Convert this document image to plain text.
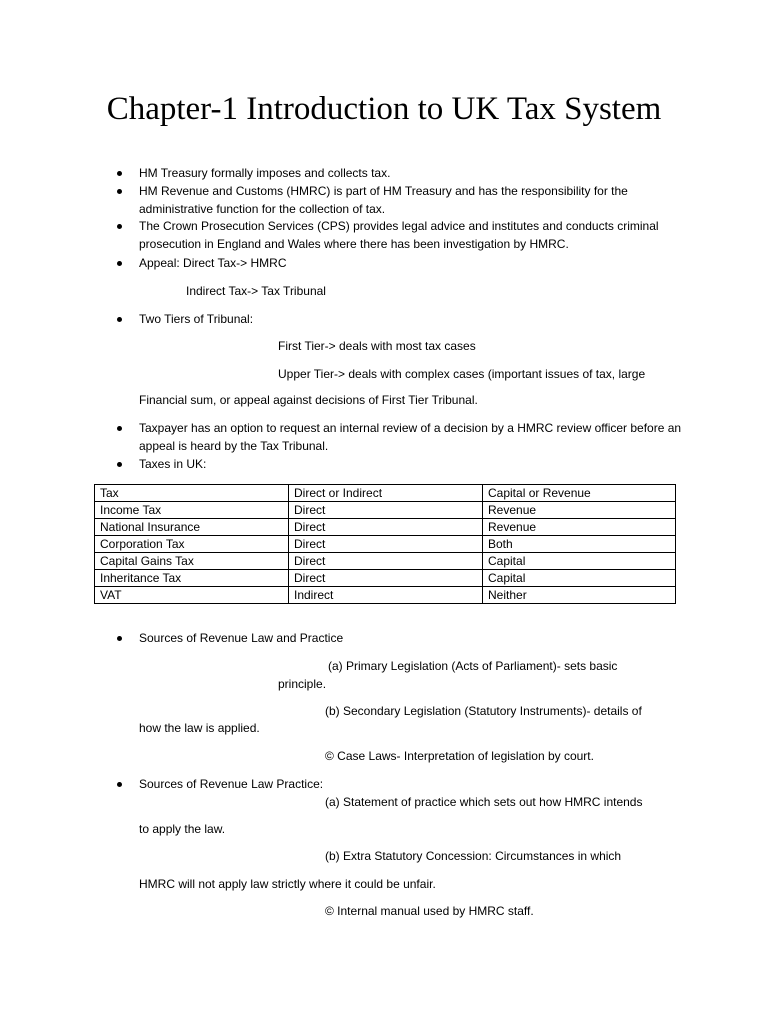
Chapter-1 Introduction to UK Tax System
HM Treasury formally imposes and collects tax.
HM Revenue and Customs (HMRC) is part of HM Treasury and has the responsibility for the administrative function for the collection of tax.
The Crown Prosecution Services (CPS) provides legal advice and institutes and conducts criminal prosecution in England and Wales where there has been investigation by HMRC.
Appeal: Direct Tax-> HMRC
Indirect Tax-> Tax Tribunal
Two Tiers of Tribunal:
First Tier-> deals with most tax cases
Upper Tier-> deals with complex cases (important issues of tax, large
Financial sum, or appeal against decisions of First Tier Tribunal.
Taxpayer has an option to request an internal review of a decision by a HMRC review officer before an appeal is heard by the Tax Tribunal.
Taxes in UK:
Tax	Direct or Indirect	Capital or Revenue
Income Tax	Direct	Revenue
National Insurance	Direct	Revenue
Corporation Tax	Direct	Both
Capital Gains Tax	Direct	Capital
Inheritance Tax	Direct	Capital
VAT	Indirect	Neither
Sources of Revenue Law and Practice
(a) Primary Legislation (Acts of Parliament)- sets basic
principle.
(b) Secondary Legislation (Statutory Instruments)- details of
how the law is applied.
© Case Laws- Interpretation of legislation by court.
Sources of Revenue Law Practice:
(a) Statement of practice which sets out how HMRC intends
to apply the law.
(b) Extra Statutory Concession: Circumstances in which
HMRC will not apply law strictly where it could be unfair.
© Internal manual used by HMRC staff.
